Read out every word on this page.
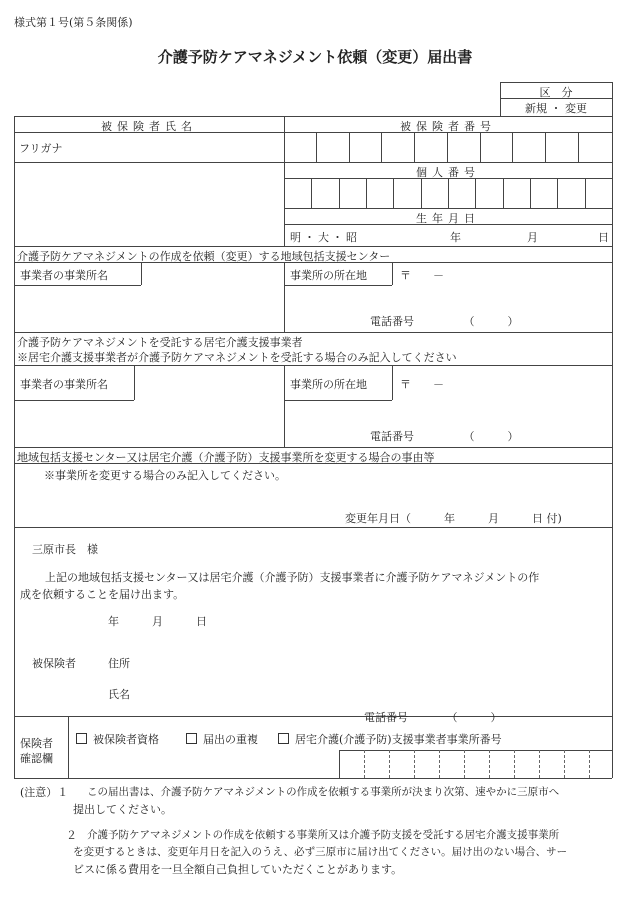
様式第１号(第５条関係)
介護予防ケアマネジメント依頼（変更）届出書
区　分
新規 ・ 変更
被保険者氏名	被保険者番号
フリガナ
個人番号
生年月日
明・大・昭	年	月	日
介護予防ケアマネジメントの作成を依頼（変更）する地域包括支援センター
事業者の事業所名	事業所の所在地	〒　　－
電話番号　　　　　（　　　）
介護予防ケアマネジメントを受託する居宅介護支援事業者
※居宅介護支援事業者が介護予防ケアマネジメントを受託する場合のみ記入してください
事業者の事業所名	事業所の所在地	〒　　－
電話番号　　　　　（　　　）
地域包括支援センター又は居宅介護（介護予防）支援事業所を変更する場合の事由等
※事業所を変更する場合のみ記入してください。
変更年月日（　　　年　　　月　　　日 付)
三原市長　様
上記の地域包括支援センター又は居宅介護（介護予防）支援事業者に介護予防ケアマネジメントの作
成を依頼することを届け出ます。
年　　　月　　　日
被保険者	住所
氏名
電話番号　　　　（　　　）
保険者
確認欄
被保険者資格	届出の重複	居宅介護(介護予防)支援事業者事業所番号
(注意）１ この届出書は、介護予防ケアマネジメントの作成を依頼する事業所が決まり次第、速やかに三原市へ
提出してください。
２ 介護予防ケアマネジメントの作成を依頼する事業所又は介護予防支援を受託する居宅介護支援事業所
を変更するときは、変更年月日を記入のうえ、必ず三原市に届け出てください。届け出のない場合、サー
ビスに係る費用を一旦全額自己負担していただくことがあります。
